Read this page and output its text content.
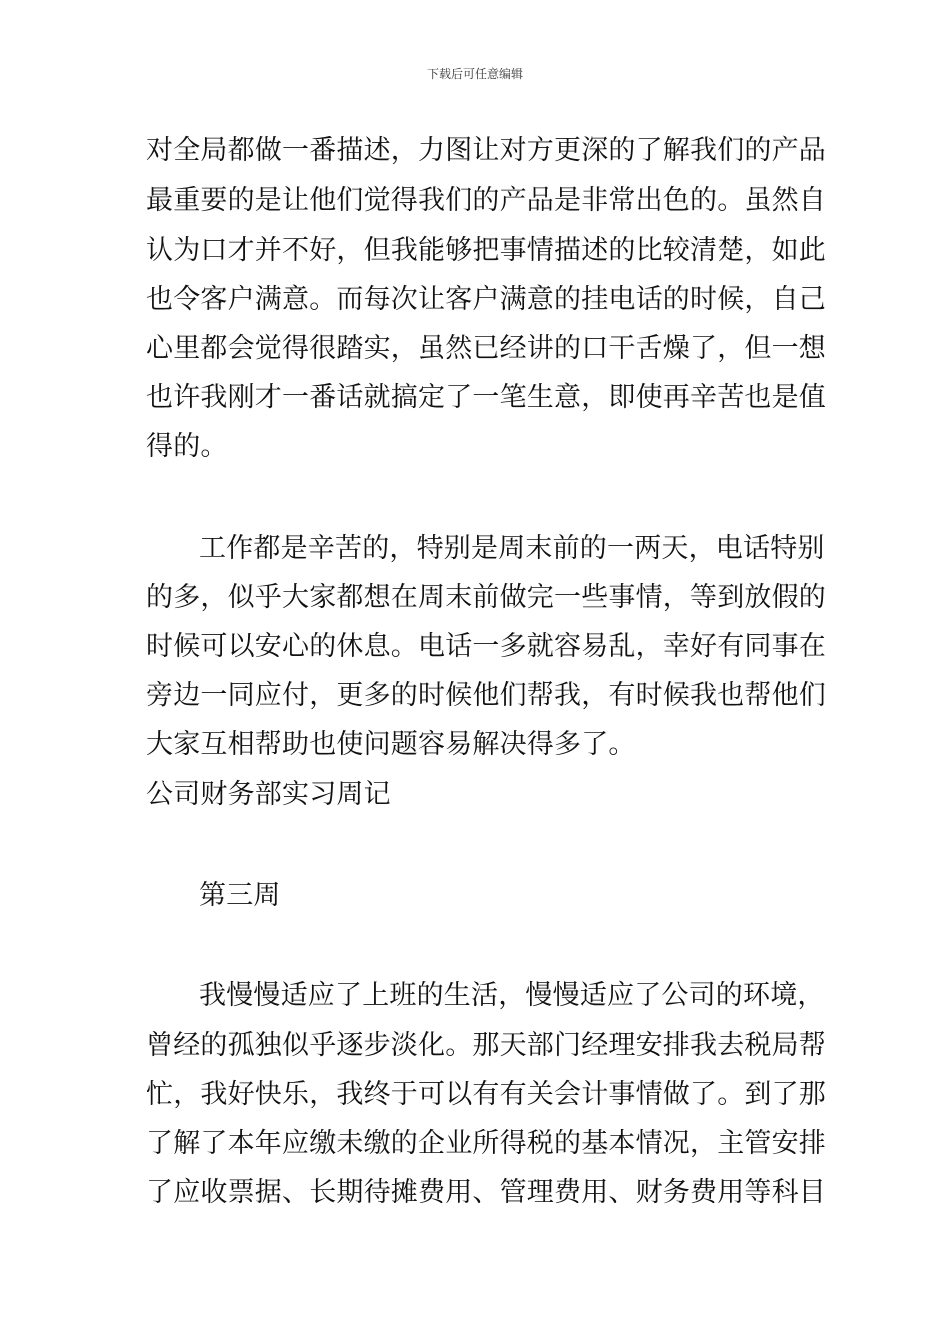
下载后可任意编辑
对全局都做一番描述，力图让对方更深的了解我们的产品
最重要的是让他们觉得我们的产品是非常出色的。虽然自
认为口才并不好，但我能够把事情描述的比较清楚，如此
也令客户满意。而每次让客户满意的挂电话的时候，自己
心里都会觉得很踏实，虽然已经讲的口干舌燥了，但一想
也许我刚才一番话就搞定了一笔生意，即使再辛苦也是值
得的。
工作都是辛苦的，特别是周末前的一两天，电话特别
的多，似乎大家都想在周末前做完一些事情，等到放假的
时候可以安心的休息。电话一多就容易乱，幸好有同事在
旁边一同应付，更多的时候他们帮我，有时候我也帮他们
大家互相帮助也使问题容易解决得多了。
公司财务部实习周记
第三周
我慢慢适应了上班的生活，慢慢适应了公司的环境，
曾经的孤独似乎逐步淡化。那天部门经理安排我去税局帮
忙，我好快乐，我终于可以有有关会计事情做了。到了那
了解了本年应缴未缴的企业所得税的基本情况，主管安排
了应收票据、长期待摊费用、管理费用、财务费用等科目
